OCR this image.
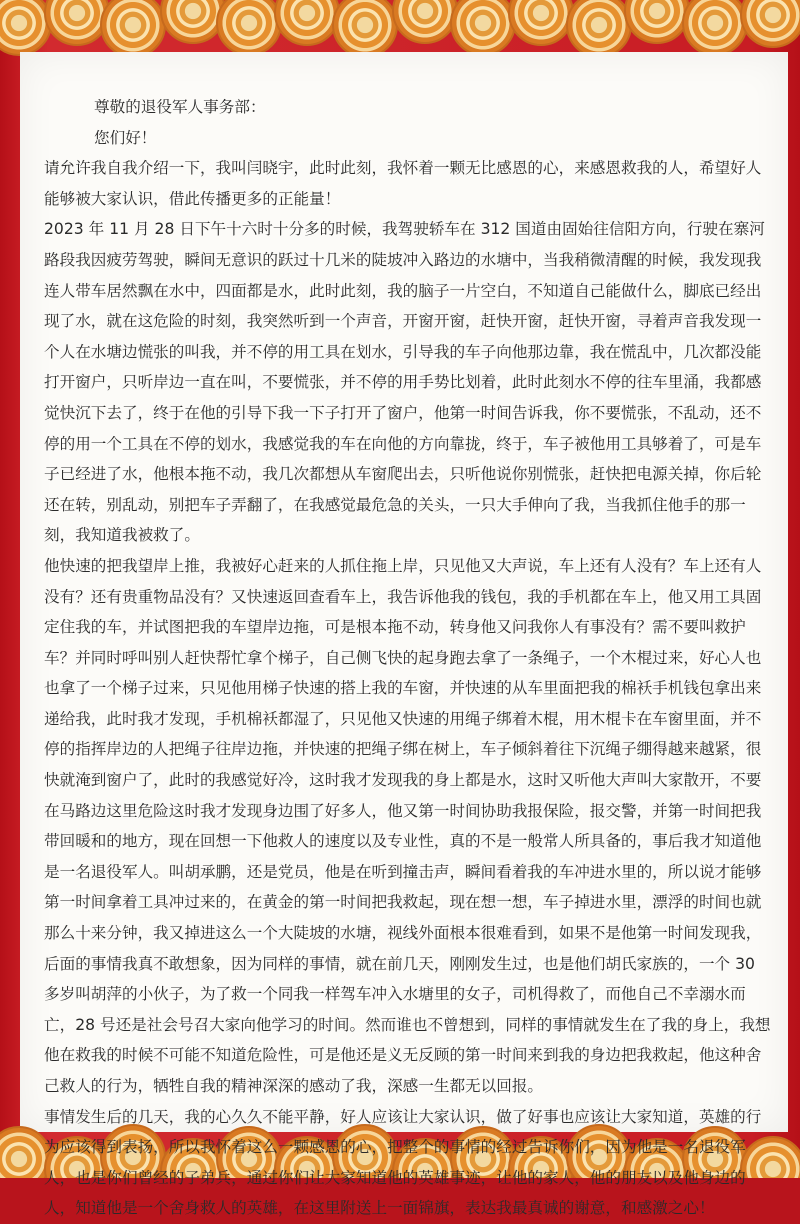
尊敬的退役军人事务部：

您们好！

请允许我自我介绍一下，我叫闫晓宇，此时此刻，我怀着一颗无比感恩的心，来感恩救我的人，希望好人能够被大家认识，借此传播更多的正能量！

2023 年 11 月 28 日下午十六时十分多的时候，我驾驶轿车在 312 国道由固始往信阳方向，行驶在寨河路段我因疲劳驾驶，瞬间无意识的跃过十几米的陡坡冲入路边的水塘中，当我稍微清醒的时候，我发现我连人带车居然飘在水中，四面都是水，此时此刻，我的脑子一片空白，不知道自己能做什么，脚底已经出现了水，就在这危险的时刻，我突然听到一个声音，开窗开窗，赶快开窗，赶快开窗，寻着声音我发现一个人在水塘边慌张的叫我，并不停的用工具在划水，引导我的车子向他那边靠，我在慌乱中，几次都没能打开窗户，只听岸边一直在叫，不要慌张，并不停的用手势比划着，此时此刻水不停的往车里涌，我都感觉快沉下去了，终于在他的引导下我一下子打开了窗户，他第一时间告诉我，你不要慌张，不乱动，还不停的用一个工具在不停的划水，我感觉我的车在向他的方向靠拢，终于，车子被他用工具够着了，可是车子已经进了水，他根本拖不动，我几次都想从车窗爬出去，只听他说你别慌张，赶快把电源关掉，你后轮还在转，别乱动，别把车子弄翻了，在我感觉最危急的关头，一只大手伸向了我，当我抓住他手的那一刻，我知道我被救了。

他快速的把我望岸上推，我被好心赶来的人抓住拖上岸，只见他又大声说，车上还有人没有？车上还有人没有？还有贵重物品没有？又快速返回查看车上，我告诉他我的钱包，我的手机都在车上，他又用工具固定住我的车，并试图把我的车望岸边拖，可是根本拖不动，转身他又问我你人有事没有？需不要叫救护车？并同时呼叫别人赶快帮忙拿个梯子，自己侧飞快的起身跑去拿了一条绳子，一个木棍过来，好心人也也拿了一个梯子过来，只见他用梯子快速的搭上我的车窗，并快速的从车里面把我的棉袄手机钱包拿出来递给我，此时我才发现，手机棉袄都湿了，只见他又快速的用绳子绑着木棍，用木棍卡在车窗里面，并不停的指挥岸边的人把绳子往岸边拖，并快速的把绳子绑在树上，车子倾斜着往下沉绳子绷得越来越紧，很快就淹到窗户了，此时的我感觉好冷，这时我才发现我的身上都是水，这时又听他大声叫大家散开，不要在马路边这里危险这时我才发现身边围了好多人，他又第一时间协助我报保险，报交警，并第一时间把我带回暖和的地方，现在回想一下他救人的速度以及专业性，真的不是一般常人所具备的，事后我才知道他是一名退役军人。叫胡承鹏，还是党员，他是在听到撞击声，瞬间看着我的车冲进水里的，所以说才能够第一时间拿着工具冲过来的，在黄金的第一时间把我救起，现在想一想，车子掉进水里，漂浮的时间也就那么十来分钟，我又掉进这么一个大陡坡的水塘，视线外面根本很难看到，如果不是他第一时间发现我，后面的事情我真不敢想象，因为同样的事情，就在前几天，刚刚发生过，也是他们胡氏家族的，一个 30 多岁叫胡萍的小伙子，为了救一个同我一样驾车冲入水塘里的女子，司机得救了，而他自己不幸溺水而亡，28 号还是社会号召大家向他学习的时间。然而谁也不曾想到，同样的事情就发生在了我的身上，我想他在救我的时候不可能不知道危险性，可是他还是义无反顾的第一时间来到我的身边把我救起，他这种舍己救人的行为，牺牲自我的精神深深的感动了我，深感一生都无以回报。

事情发生后的几天，我的心久久不能平静，好人应该让大家认识，做了好事也应该让大家知道，英雄的行为应该得到表扬，所以我怀着这么一颗感恩的心，把整个的事情的经过告诉你们，因为他是一名退役军人，也是你们曾经的子弟兵，通过你们让大家知道他的英雄事迹，让他的家人，他的朋友以及他身边的人，知道他是一个舍身救人的英雄，在这里附送上一面锦旗，表达我最真诚的谢意，和感激之心！
